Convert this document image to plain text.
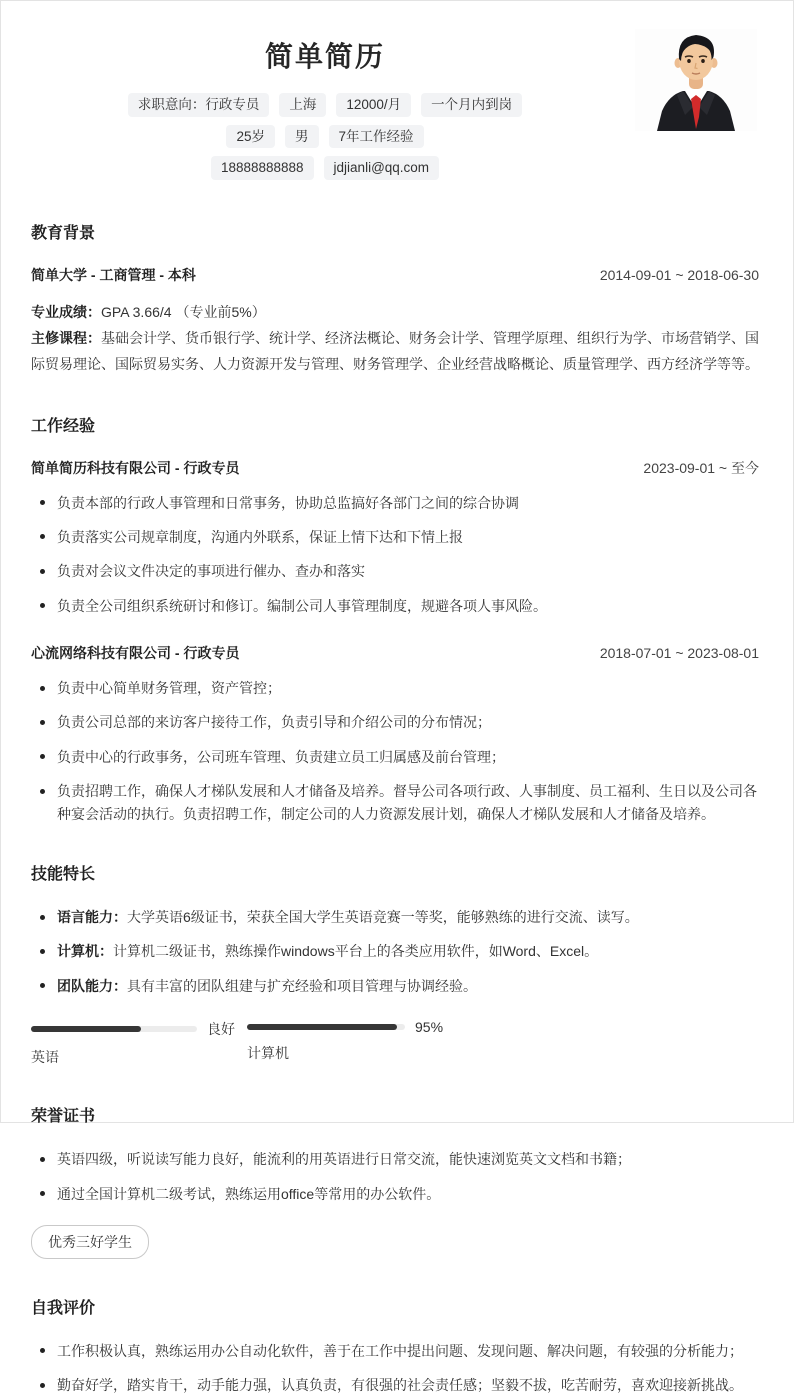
简单简历
求职意向：行政专员	上海	12000/月	一个月内到岗
25岁	男	7年工作经验
18888888888	jdjianli@qq.com
教育背景
简单大学 - 工商管理 - 本科	2014-09-01 ~ 2018-06-30
专业成绩：GPA 3.66/4 （专业前5%）
主修课程：基础会计学、货币银行学、统计学、经济法概论、财务会计学、管理学原理、组织行为学、市场营销学、国际贸易理论、国际贸易实务、人力资源开发与管理、财务管理学、企业经营战略概论、质量管理学、西方经济学等等。
工作经验
简单简历科技有限公司 - 行政专员	2023-09-01 ~ 至今
负责本部的行政人事管理和日常事务，协助总监搞好各部门之间的综合协调
负责落实公司规章制度，沟通内外联系，保证上情下达和下情上报
负责对会议文件决定的事项进行催办、查办和落实
负责全公司组织系统研讨和修订。编制公司人事管理制度，规避各项人事风险。
心流网络科技有限公司 - 行政专员	2018-07-01 ~ 2023-08-01
负责中心简单财务管理，资产管控；
负责公司总部的来访客户接待工作，负责引导和介绍公司的分布情况；
负责中心的行政事务，公司班车管理、负责建立员工归属感及前台管理；
负责招聘工作，确保人才梯队发展和人才储备及培养。督导公司各项行政、人事制度、员工福利、生日以及公司各种宴会活动的执行。负责招聘工作，制定公司的人力资源发展计划，确保人才梯队发展和人才储备及培养。
技能特长
语言能力：大学英语6级证书，荣获全国大学生英语竞赛一等奖，能够熟练的进行交流、读写。
计算机：计算机二级证书，熟练操作windows平台上的各类应用软件，如Word、Excel。
团队能力：具有丰富的团队组建与扩充经验和项目管理与协调经验。
良好
英语
95%
计算机
荣誉证书
英语四级，听说读写能力良好，能流利的用英语进行日常交流，能快速浏览英文文档和书籍；
通过全国计算机二级考试，熟练运用office等常用的办公软件。
优秀三好学生
自我评价
工作积极认真，熟练运用办公自动化软件，善于在工作中提出问题、发现问题、解决问题，有较强的分析能力；
勤奋好学，踏实肯干，动手能力强，认真负责，有很强的社会责任感；坚毅不拔，吃苦耐劳，喜欢迎接新挑战。
